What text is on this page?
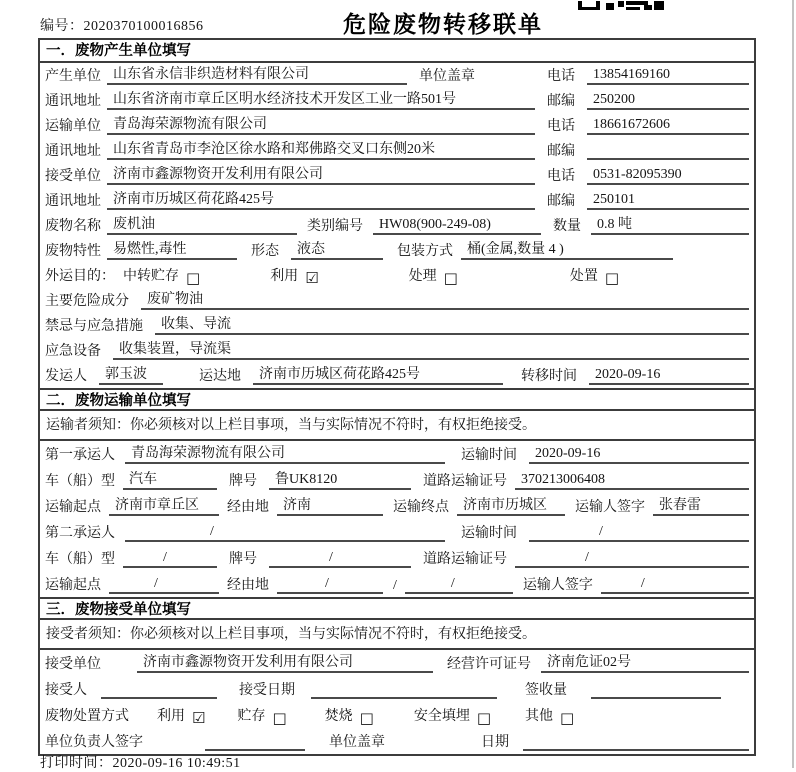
编号：2020370100016856	危险废物转移联单
一．废物产生单位填写
产生单位 山东省永信非织造材料有限公司	单位盖章	电话	13854169160
通讯地址 山东省济南市章丘区明水经济技术开发区工业一路501号	邮编	250200
运输单位 青岛海荣源物流有限公司	电话	18661672606
通讯地址 山东省青岛市李沧区徐水路和郑佛路交叉口东侧20米	邮编
接受单位 济南市鑫源物资开发利用有限公司	电话	0531-82095390
通讯地址 济南市历城区荷花路425号	邮编	250101
废物名称 废机油	类别编号	HW08(900-249-08)	数量	0.8 吨
废物特性 易燃性,毒性	形态	液态	包装方式	桶(金属,数量 4 )
外运目的： 中转贮存 □	利用 ☑	处理 □	处置 □
主要危险成分	废矿物油
禁忌与应急措施	收集、导流
应急设备	收集装置，导流渠
发运人	郭玉波	运达地	济南市历城区荷花路425号	转移时间	2020-09-16
二．废物运输单位填写
运输者须知：你必须核对以上栏目事项，当与实际情况不符时，有权拒绝接受。
第一承运人	青岛海荣源物流有限公司	运输时间	2020-09-16
车（船）型	汽车	牌号	鲁UK8120	道路运输证号	370213006408
运输起点	济南市章丘区	经由地	济南	运输终点	济南市历城区	运输人签字	张春雷
第二承运人	/	运输时间	/
车（船）型	/	牌号	/	道路运输证号	/
运输起点	/	经由地	/	/	/	运输人签字	/
三．废物接受单位填写
接受者须知：你必须核对以上栏目事项，当与实际情况不符时，有权拒绝接受。
接受单位	济南市鑫源物资开发利用有限公司	经营许可证号	济南危证02号
接受人	接受日期	签收量
废物处置方式 利用 ☑ 贮存 □	焚烧 □	安全填埋 □ 其他 □
单位负责人签字	单位盖章	日期
打印时间：2020-09-16 10:49:51
